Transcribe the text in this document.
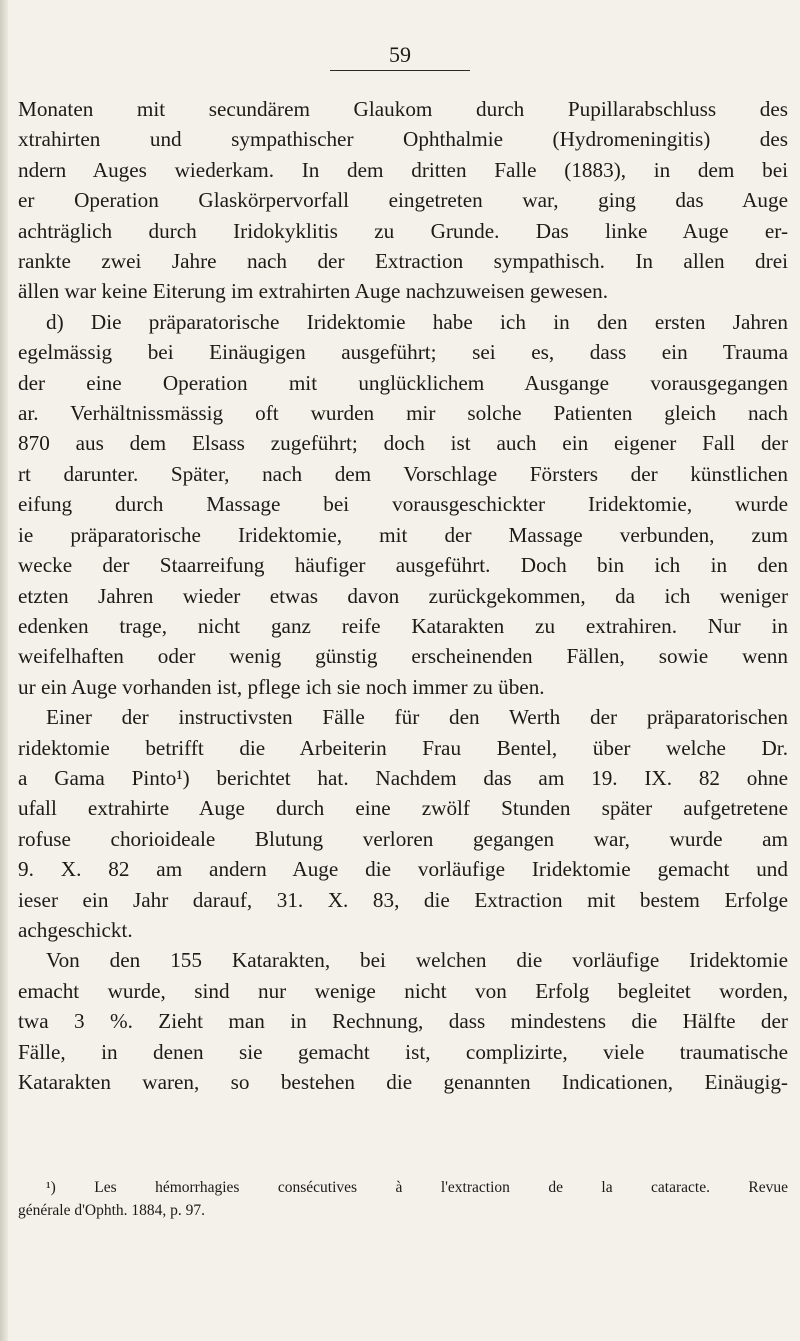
59
Monaten mit secundärem Glaukom durch Pupillarabschluss des
xtrahirten und sympathischer Ophthalmie (Hydromeningitis) des
ndern Auges wiederkam. In dem dritten Falle (1883), in dem bei
er Operation Glaskörpervorfall eingetreten war, ging das Auge
achträglich durch Iridokyklitis zu Grunde. Das linke Auge er-
rankte zwei Jahre nach der Extraction sympathisch. In allen drei
ällen war keine Eiterung im extrahirten Auge nachzuweisen gewesen.
d) Die präparatorische Iridektomie habe ich in den ersten Jahren
egelmässig bei Einäugigen ausgeführt; sei es, dass ein Trauma
der eine Operation mit unglücklichem Ausgange vorausgegangen
ar. Verhältnissmässig oft wurden mir solche Patienten gleich nach
870 aus dem Elsass zugeführt; doch ist auch ein eigener Fall der
rt darunter. Später, nach dem Vorschlage Försters der künstlichen
eifung durch Massage bei vorausgeschickter Iridektomie, wurde
ie präparatorische Iridektomie, mit der Massage verbunden, zum
wecke der Staarreifung häufiger ausgeführt. Doch bin ich in den
etzten Jahren wieder etwas davon zurückgekommen, da ich weniger
edenken trage, nicht ganz reife Katarakten zu extrahiren. Nur in
weifelhaften oder wenig günstig erscheinenden Fällen, sowie wenn
ur ein Auge vorhanden ist, pflege ich sie noch immer zu üben.
Einer der instructivsten Fälle für den Werth der präparatorischen
ridektomie betrifft die Arbeiterin Frau Bentel, über welche Dr.
a Gama Pinto¹) berichtet hat. Nachdem das am 19. IX. 82 ohne
ufall extrahirte Auge durch eine zwölf Stunden später aufgetretene
rofuse chorioideale Blutung verloren gegangen war, wurde am
9. X. 82 am andern Auge die vorläufige Iridektomie gemacht und
ieser ein Jahr darauf, 31. X. 83, die Extraction mit bestem Erfolge
achgeschickt.
Von den 155 Katarakten, bei welchen die vorläufige Iridektomie
emacht wurde, sind nur wenige nicht von Erfolg begleitet worden,
twa 3 %. Zieht man in Rechnung, dass mindestens die Hälfte der
Fälle, in denen sie gemacht ist, complizirte, viele traumatische
Katarakten waren, so bestehen die genannten Indicationen, Einäugig-
¹) Les hémorrhagies consécutives à l'extraction de la cataracte. Revue
générale d'Ophth. 1884, p. 97.
